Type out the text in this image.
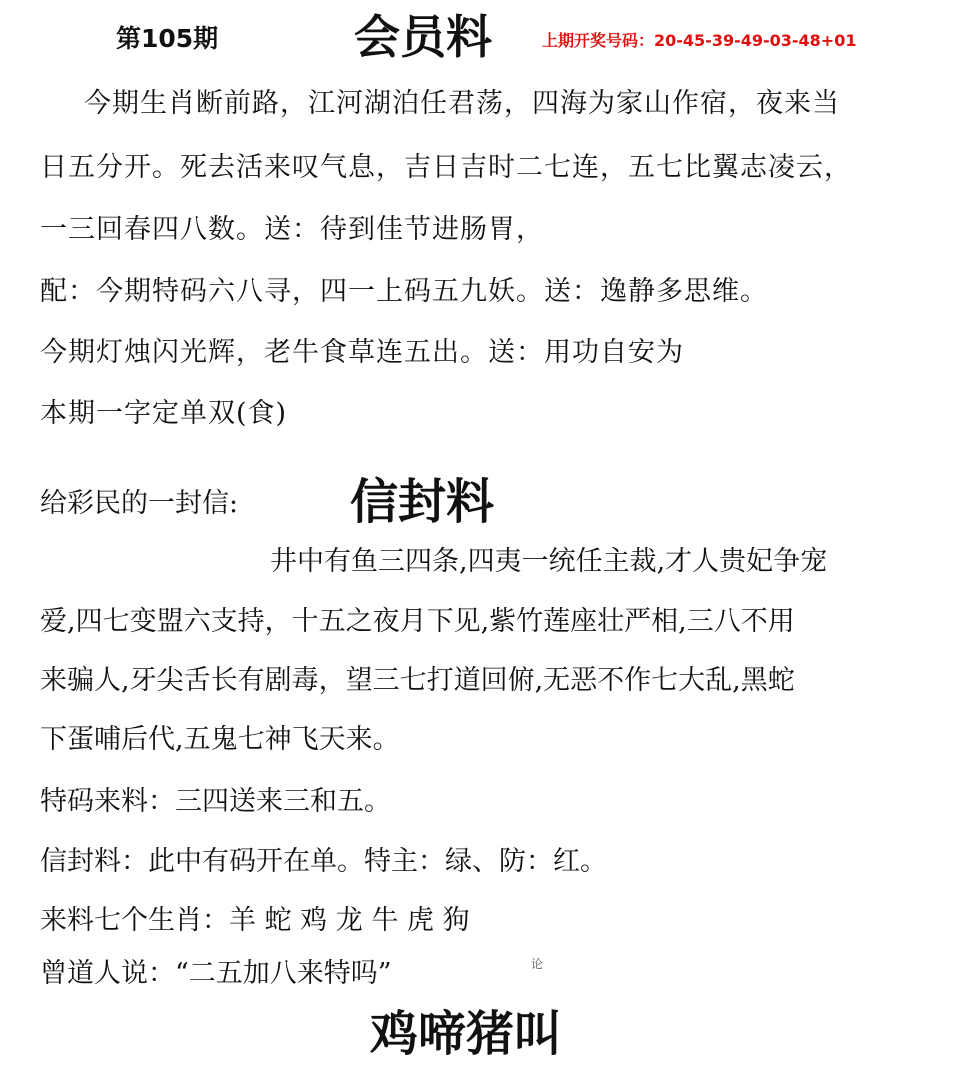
第105期	会员料	上期开奖号码：20-45-39-49-03-48+01
今期生肖断前路，江河湖泊任君荡，四海为家山作宿，夜来当
日五分开。死去活来叹气息，吉日吉时二七连，五七比翼志凌云，
一三回春四八数。送：待到佳节进肠胃，
配：今期特码六八寻，四一上码五九妖。送：逸静多思维。
今期灯烛闪光辉，老牛食草连五出。送：用功自安为
本期一字定单双(食)
给彩民的一封信: 信封料
井中有鱼三四条,四夷一统任主裁,才人贵妃争宠
爱,四七变盟六支持，十五之夜月下见,紫竹莲座壮严相,三八不用
来骗人,牙尖舌长有剧毒，望三七打道回俯,无恶不作七大乱,黑蛇
下蛋哺后代,五鬼七神飞天来。
特码来料：三四送来三和五。
信封料：此中有码开在单。特主：绿、防：红。
来料七个生肖：羊 蛇 鸡 龙 牛 虎 狗
曾道人说：“二五加八来特吗”	论
鸡啼猪叫
